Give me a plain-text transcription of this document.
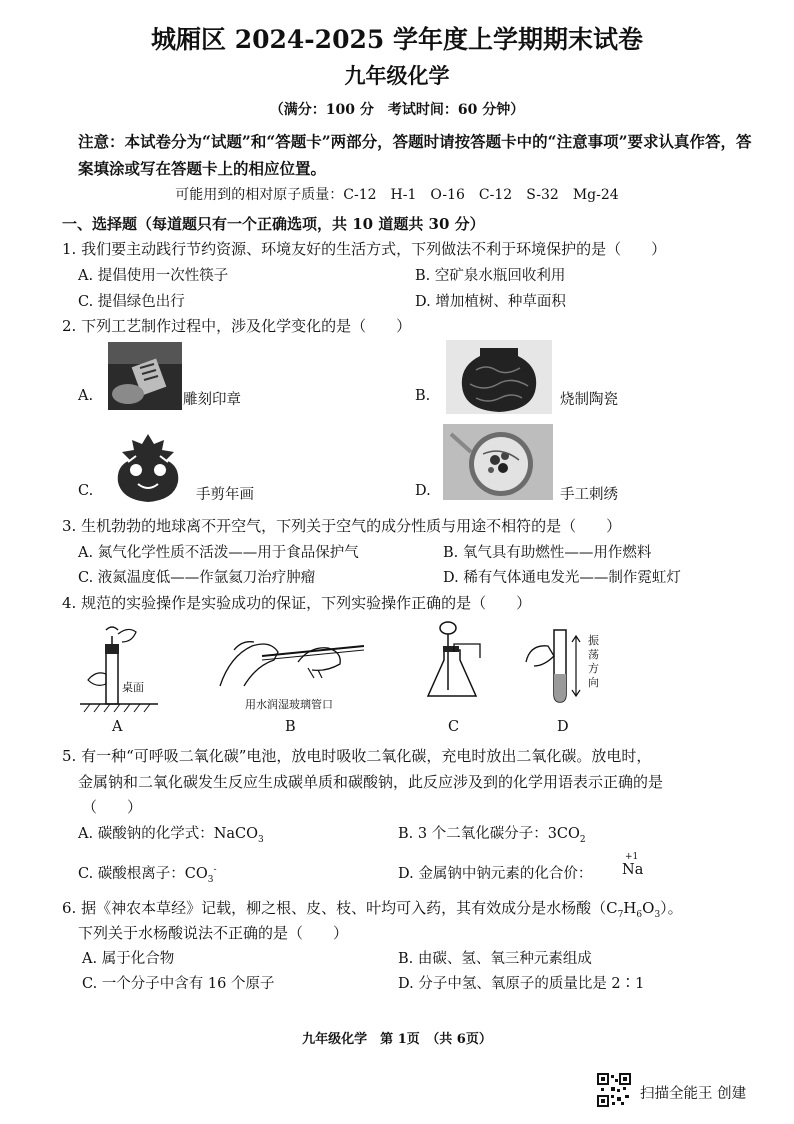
城厢区 2024-2025 学年度上学期期末试卷
九年级化学
（满分：100 分　考试时间：60 分钟）
注意：本试卷分为“试题”和“答题卡”两部分，答题时请按答题卡中的“注意事项”要求认真作答，答案填涂或写在答题卡上的相应位置。
可能用到的相对原子质量：C-12　H-1　O-16　C-12　S-32　Mg-24
一、选择题（每道题只有一个正确选项，共 10 道题共 30 分）
1. 我们要主动践行节约资源、环境友好的生活方式，下列做法不利于环境保护的是（　　）
A. 提倡使用一次性筷子	B. 空矿泉水瓶回收利用
C. 提倡绿色出行	D. 增加植树、种草面积
2. 下列工艺制作过程中，涉及化学变化的是（　　）
A.	雕刻印章	B.	烧制陶瓷
C.	手剪年画	D.	手工刺绣
3. 生机勃勃的地球离不开空气，下列关于空气的成分性质与用途不相符的是（　　）
A. 氮气化学性质不活泼——用于食品保护气	B. 氧气具有助燃性——用作燃料
C. 液氮温度低——作氩氦刀治疗肿瘤	D. 稀有气体通电发光——制作霓虹灯
4. 规范的实验操作是实验成功的保证，下列实验操作正确的是（　　）
桌面
用水润湿玻璃管口
振
荡
方
向
A	B	C	D
5. 有一种“可呼吸二氧化碳”电池，放电时吸收二氧化碳，充电时放出二氧化碳。放电时，
金属钠和二氧化碳发生反应生成碳单质和碳酸钠，此反应涉及到的化学用语表示正确的是
（　　）
A. 碳酸钠的化学式：NaCO$_3$	B. 3 个二氧化碳分子：$3CO_2$
C. 碳酸根离子：$CO_3^-$	D. 金属钠中钠元素的化合价：
+1
Na
6. 据《神农本草经》记载，柳之根、皮、枝、叶均可入药，其有效成分是水杨酸$(C_7H_6O_3)$。
下列关于水杨酸说法不正确的是（　　）
A. 属于化合物	B. 由碳、氢、氧三种元素组成
C. 一个分子中含有 16 个原子	D. 分子中氢、氧原子的质量比是 2∶1
九年级化学　第 1页　（共 6页）
扫描全能王 创建
